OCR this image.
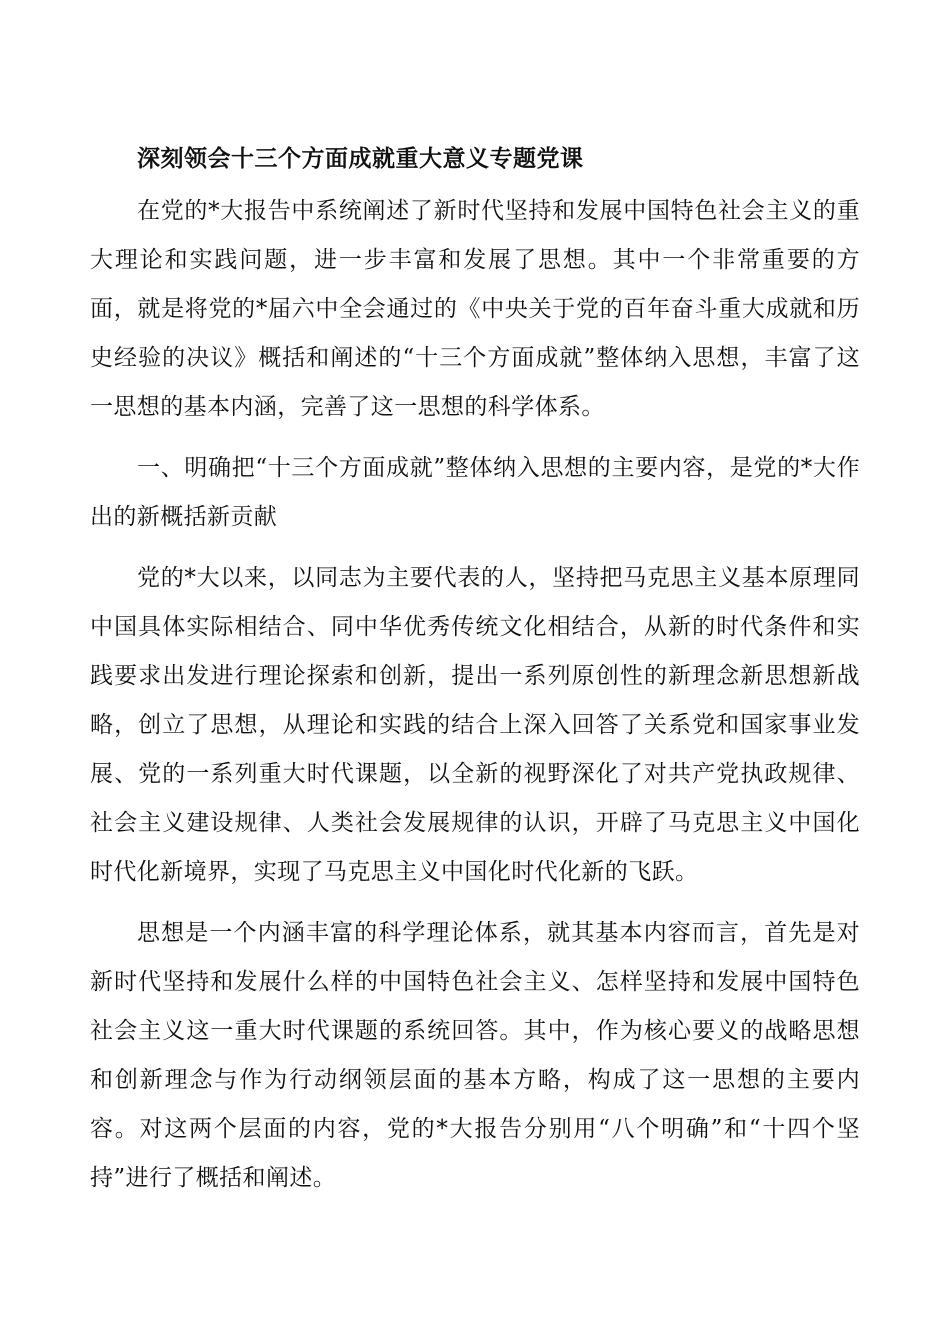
深刻领会十三个方面成就重大意义专题党课

在党的*大报告中系统阐述了新时代坚持和发展中国特色社会主义的重大理论和实践问题，进一步丰富和发展了思想。其中一个非常重要的方面，就是将党的*届六中全会通过的《中央关于党的百年奋斗重大成就和历史经验的决议》概括和阐述的“十三个方面成就”整体纳入思想，丰富了这一思想的基本内涵，完善了这一思想的科学体系。

一、明确把“十三个方面成就”整体纳入思想的主要内容，是党的*大作出的新概括新贡献

党的*大以来，以同志为主要代表的人，坚持把马克思主义基本原理同中国具体实际相结合、同中华优秀传统文化相结合，从新的时代条件和实践要求出发进行理论探索和创新，提出一系列原创性的新理念新思想新战略，创立了思想，从理论和实践的结合上深入回答了关系党和国家事业发展、党的一系列重大时代课题，以全新的视野深化了对共产党执政规律、社会主义建设规律、人类社会发展规律的认识，开辟了马克思主义中国化时代化新境界，实现了马克思主义中国化时代化新的飞跃。

思想是一个内涵丰富的科学理论体系，就其基本内容而言，首先是对新时代坚持和发展什么样的中国特色社会主义、怎样坚持和发展中国特色社会主义这一重大时代课题的系统回答。其中，作为核心要义的战略思想和创新理念与作为行动纲领层面的基本方略，构成了这一思想的主要内容。对这两个层面的内容，党的*大报告分别用“八个明确”和“十四个坚持”进行了概括和阐述。
